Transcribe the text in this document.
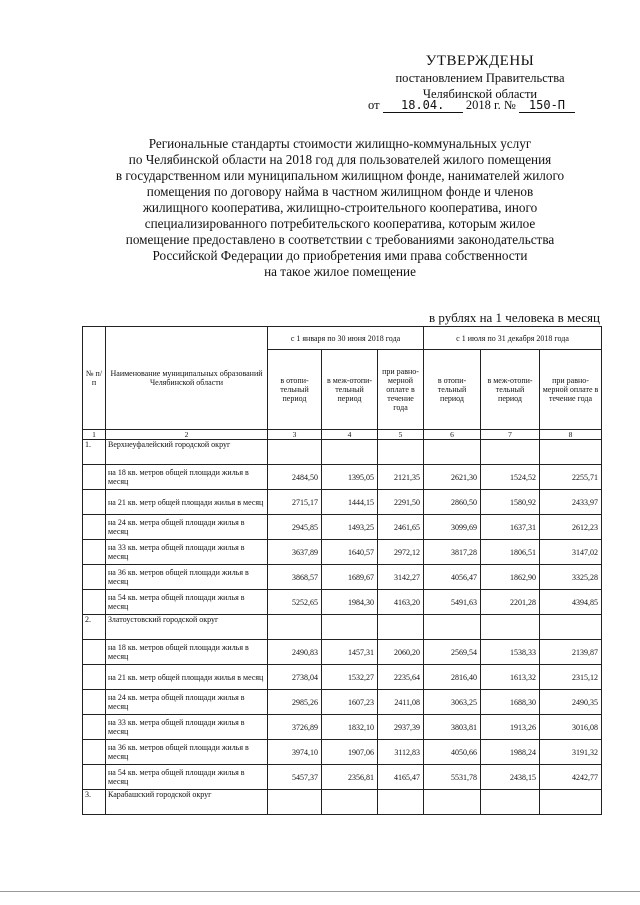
УТВЕРЖДЕНЫ
постановлением Правительства
Челябинской области
от 18.04. 2018 г. № 150-П
Региональные стандарты стоимости жилищно-коммунальных услуг
по Челябинской области на 2018 год для пользователей жилого помещения
в государственном или муниципальном жилищном фонде, нанимателей жилого
помещения по договору найма в частном жилищном фонде и членов
жилищного кооператива, жилищно-строительного кооператива, иного
специализированного потребительского кооператива, которым жилое
помещение предоставлено в соответствии с требованиями законодательства
Российской Федерации до приобретения ими права собственности
на такое жилое помещение
в рублях на 1 человека в месяц
№ п/п	Наименование муниципальных образований Челябинской области	с 1 января по 30 июня 2018 года			с 1 июля по 31 декабря 2018 года		
		в отопи-тельный период	в меж-отопи-тельный период	при равно-мерной оплате в течение года	в отопи-тельный период	в меж-отопи-тельный период	при равно-мерной оплате в течение года
1	2	3	4	5	6	7	8
1.	Верхнеуфалейский городской округ						
	на 18 кв. метров общей площади жилья в месяц	2484,50	1395,05	2121,35	2621,30	1524,52	2255,71
	на 21 кв. метр общей площади жилья в месяц	2715,17	1444,15	2291,50	2860,50	1580,92	2433,97
	на 24 кв. метра общей площади жилья в месяц	2945,85	1493,25	2461,65	3099,69	1637,31	2612,23
	на 33 кв. метра общей площади жилья в месяц	3637,89	1640,57	2972,12	3817,28	1806,51	3147,02
	на 36 кв. метров общей площади жилья в месяц	3868,57	1689,67	3142,27	4056,47	1862,90	3325,28
	на 54 кв. метра общей площади жилья в месяц	5252,65	1984,30	4163,20	5491,63	2201,28	4394,85
2.	Златоустовский городской округ						
	на 18 кв. метров общей площади жилья в месяц	2490,83	1457,31	2060,20	2569,54	1538,33	2139,87
	на 21 кв. метр общей площади жилья в месяц	2738,04	1532,27	2235,64	2816,40	1613,32	2315,12
	на 24 кв. метра общей площади жилья в месяц	2985,26	1607,23	2411,08	3063,25	1688,30	2490,35
	на 33 кв. метра общей площади жилья в месяц	3726,89	1832,10	2937,39	3803,81	1913,26	3016,08
	на 36 кв. метров общей площади жилья в месяц	3974,10	1907,06	3112,83	4050,66	1988,24	3191,32
	на 54 кв. метра общей площади жилья в месяц	5457,37	2356,81	4165,47	5531,78	2438,15	4242,77
3.	Карабашский городской округ						
